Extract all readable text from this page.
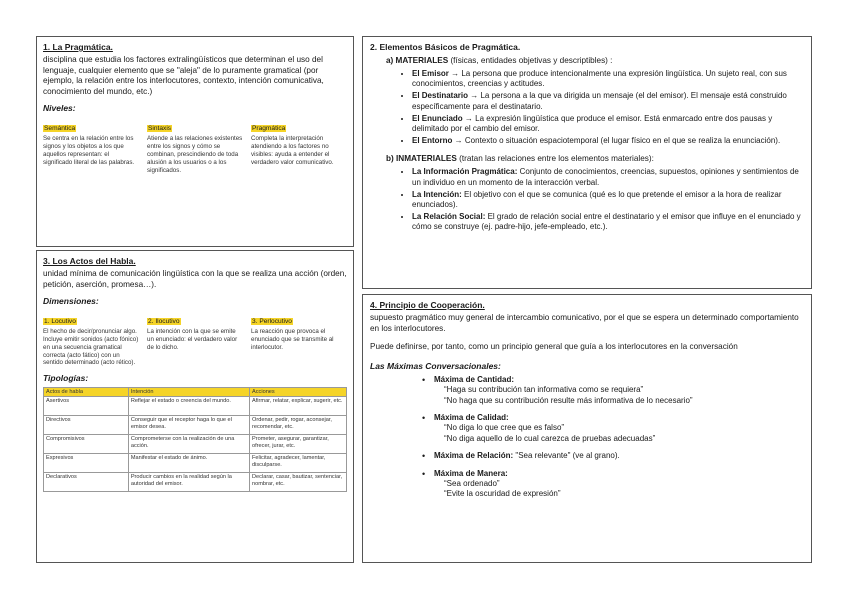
1. La Pragmática.

disciplina que estudia los factores extralingüísticos que determinan el uso del lenguaje, cualquier elemento que se "aleja" de lo puramente gramatical (por ejemplo, la relación entre los interlocutores, contexto, intención comunicativa, conocimiento del mundo, etc.)

Niveles:
Semántica
Se centra en la relación entre los signos y los objetos a los que aquellos representan: el significado literal de las palabras.
Sintaxis
Atiende a las relaciones existentes entre los signos y cómo se combinan, prescindiendo de toda alusión a los usuarios o a los significados.
Pragmática
Completa la interpretación atendiendo a los factores no visibles: ayuda a entender el verdadero valor comunicativo.
3. Los Actos del Habla.

unidad mínima de comunicación lingüística con la que se realiza una acción (orden, petición, aserción, promesa…).

Dimensiones:
1. Locutivo
El hecho de decir/pronunciar algo. Incluye emitir sonidos (acto fónico) en una secuencia gramatical correcta (acto fático) con un sentido determinado (acto rético).
2. Ilocutivo
La intención con la que se emite un enunciado: el verdadero valor de lo dicho.
3. Perlocutivo
La reacción que provoca el enunciado que se transmite al interlocutor.
Tipologías:
Actos de habla	Intención	Acciones
Asertivos	Reflejar el estado o creencia del mundo.	Afirmar, relatar, explicar, sugerir, etc.
Directivos	Conseguir que el receptor haga lo que el emisor desea.	Ordenar, pedir, rogar, aconsejar, recomendar, etc.
Compromisivos	Comprometerse con la realización de una acción.	Prometer, asegurar, garantizar, ofrecer, jurar, etc.
Expresivos	Manifestar el estado de ánimo.	Felicitar, agradecer, lamentar, disculparse.
Declarativos	Producir cambios en la realidad según la autoridad del emisor.	Declarar, casar, bautizar, sentenciar, nombrar, etc.
2. Elementos Básicos de Pragmática.
a) MATERIALES (físicas, entidades objetivas y descriptibles) :
• El Emisor → La persona que produce intencionalmente una expresión lingüística. Un sujeto real, con sus conocimientos, creencias y actitudes.
• El Destinatario → La persona a la que va dirigida un mensaje (el del emisor). El mensaje está construido específicamente para el destinatario.
• El Enunciado → La expresión lingüística que produce el emisor. Está enmarcado entre dos pausas y delimitado por el cambio del emisor.
• El Entorno → Contexto o situación espaciotemporal (el lugar físico en el que se realiza la enunciación).
b) INMATERIALES (tratan las relaciones entre los elementos materiales):
• La Información Pragmática: Conjunto de conocimientos, creencias, supuestos, opiniones y sentimientos de un individuo en un momento de la interacción verbal.
• La Intención: El objetivo con el que se comunica (qué es lo que pretende el emisor a la hora de realizar enunciados).
• La Relación Social: El grado de relación social entre el destinatario y el emisor que influye en el enunciado y cómo se construye (ej. padre-hijo, jefe-empleado, etc.).
4. Principio de Cooperación.

supuesto pragmático muy general de intercambio comunicativo, por el que se espera un determinado comportamiento en los interlocutores.

Puede definirse, por tanto, como un principio general que guía a los interlocutores en la conversación

Las Máximas Conversacionales:
• Máxima de Cantidad:
“Haga su contribución tan informativa como se requiera”
“No haga que su contribución resulte más informativa de lo necesario”
• Máxima de Calidad:
“No diga lo que cree que es falso”
“No diga aquello de lo cual carezca de pruebas adecuadas”
• Máxima de Relación: "Sea relevante" (ve al grano).
• Máxima de Manera:
“Sea ordenado”
“Evite la oscuridad de expresión”
